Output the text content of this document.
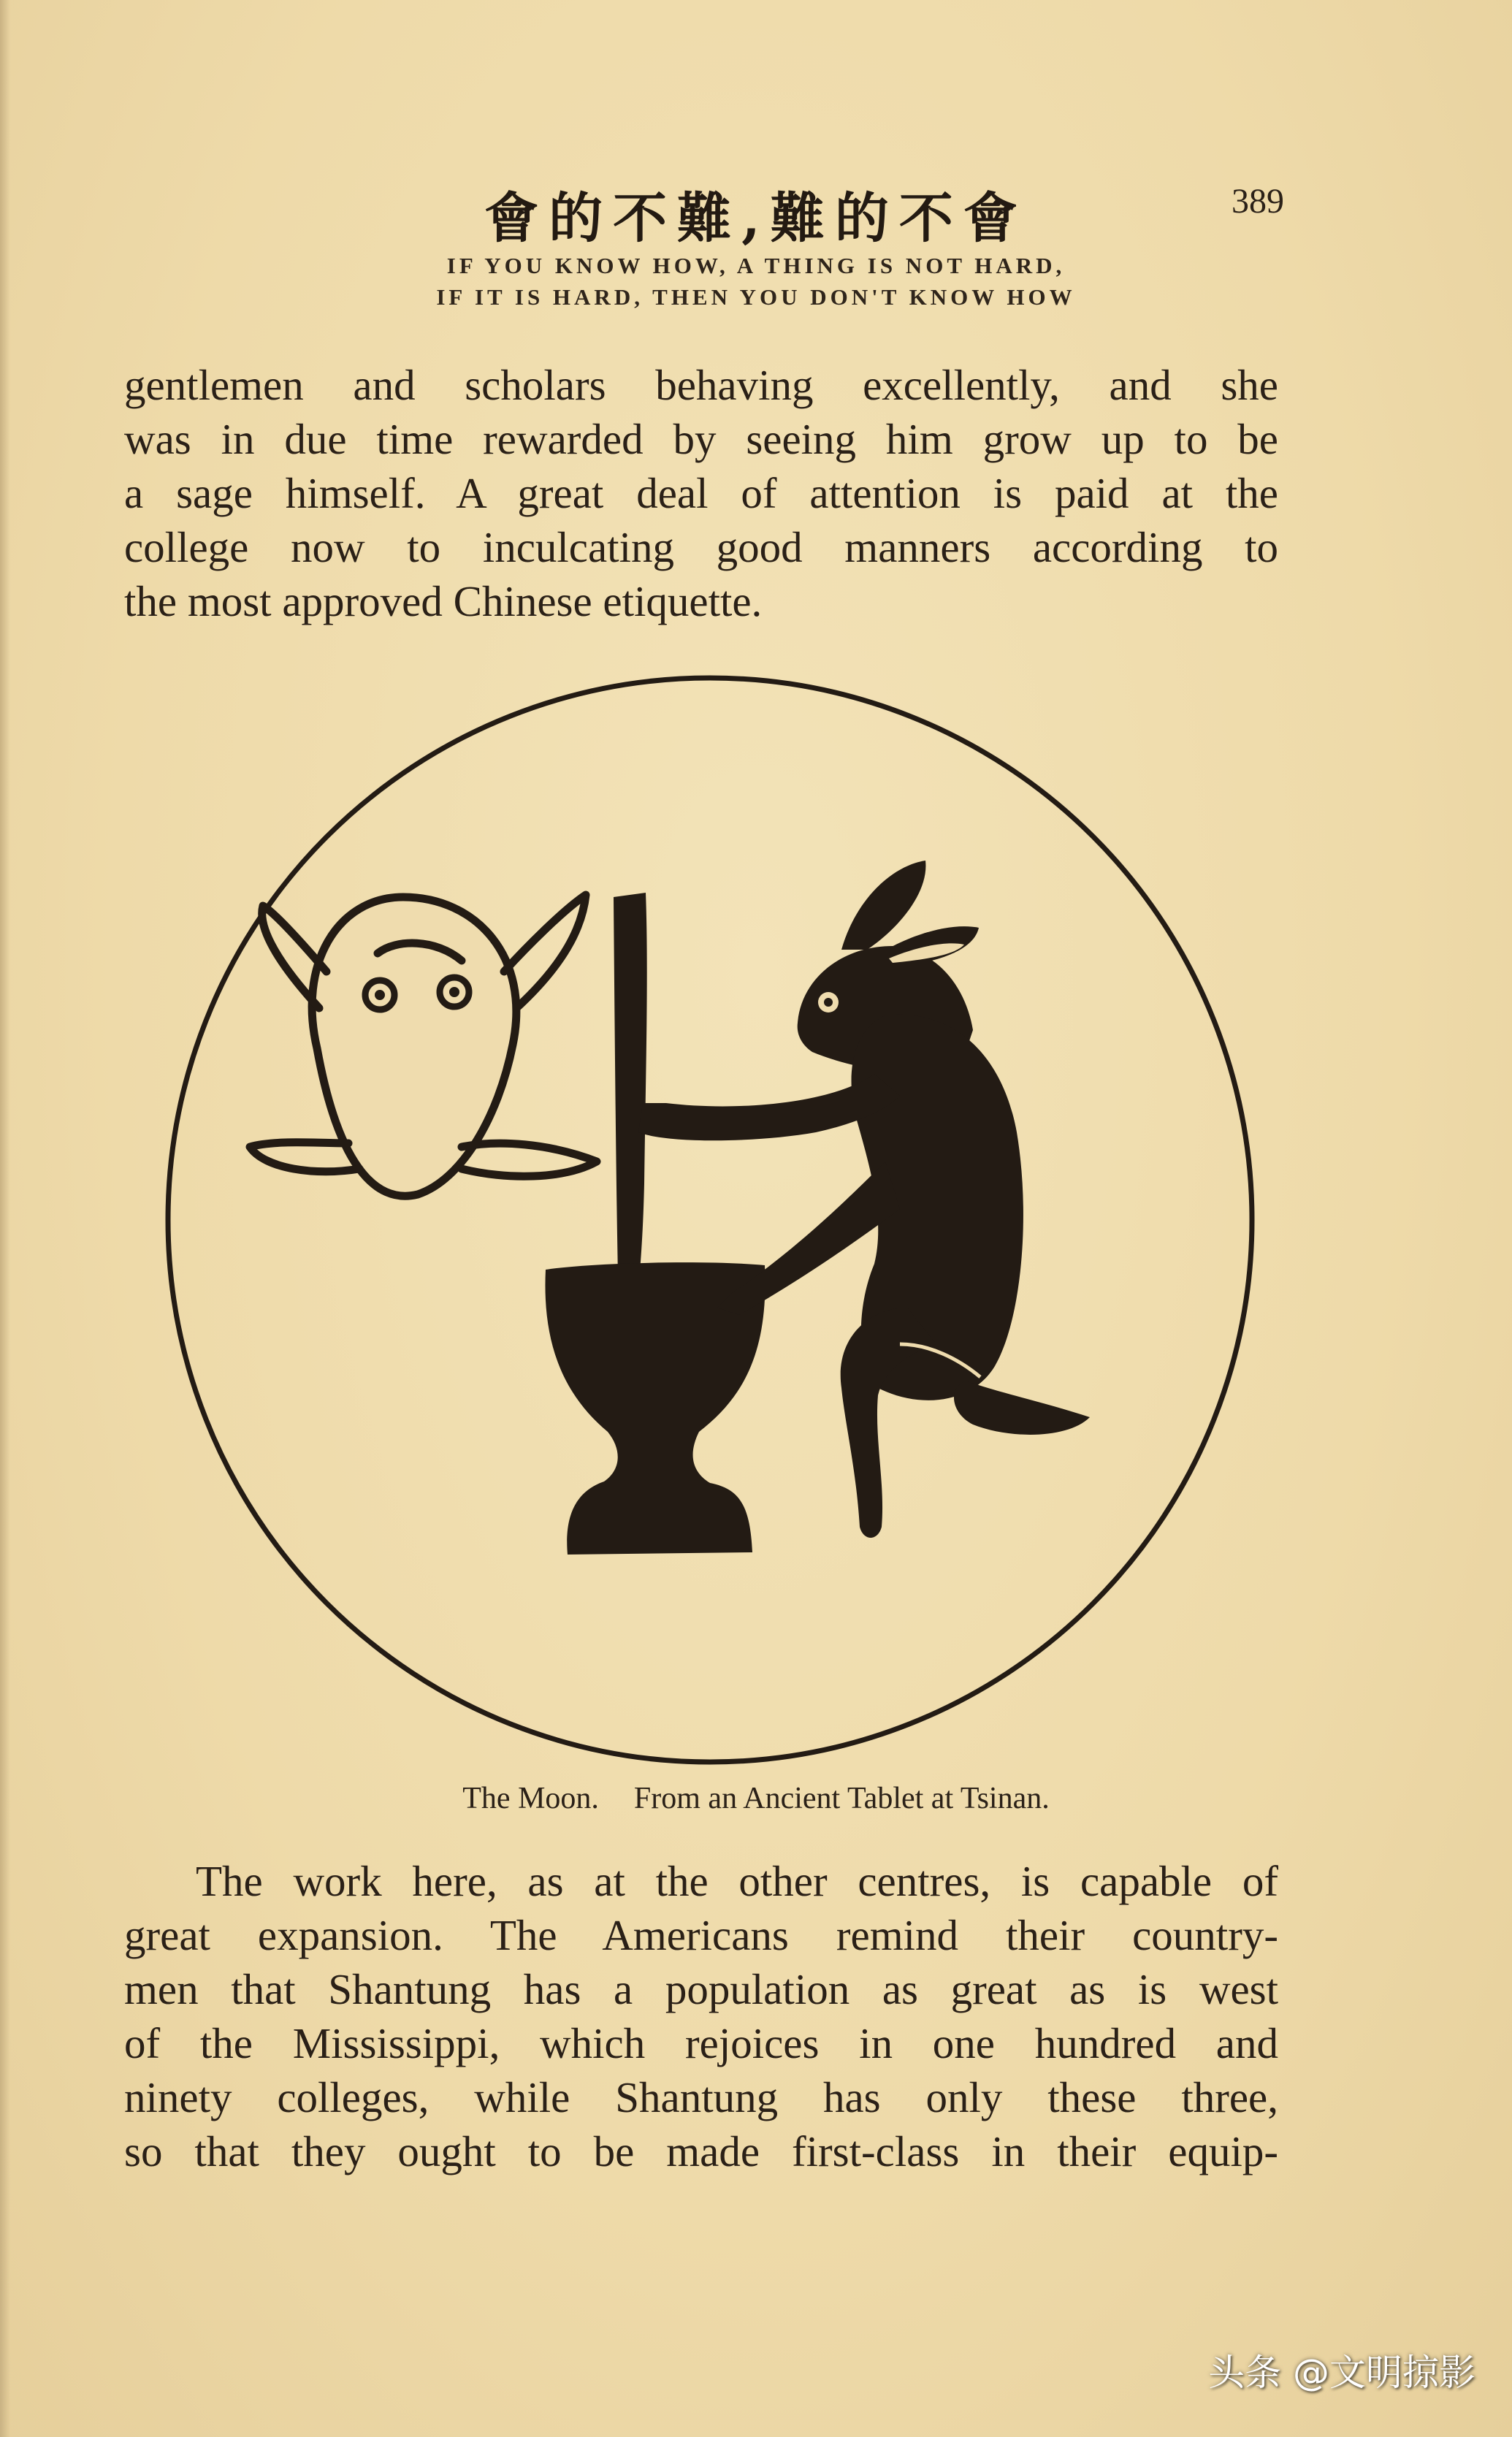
會的不難,難的不會	389
IF YOU KNOW HOW, A THING IS NOT HARD,
IF IT IS HARD, THEN YOU DON'T KNOW HOW
gentlemen and scholars behaving excellently, and she
was in due time rewarded by seeing him grow up to be
a sage himself. A great deal of attention is paid at the
college now to inculcating good manners according to
the most approved Chinese etiquette.
The Moon. From an Ancient Tablet at Tsinan.
The work here, as at the other centres, is capable of
great expansion. The Americans remind their country-
men that Shantung has a population as great as is west
of the Mississippi, which rejoices in one hundred and
ninety colleges, while Shantung has only these three,
so that they ought to be made first-class in their equip-
头条 @文明掠影
